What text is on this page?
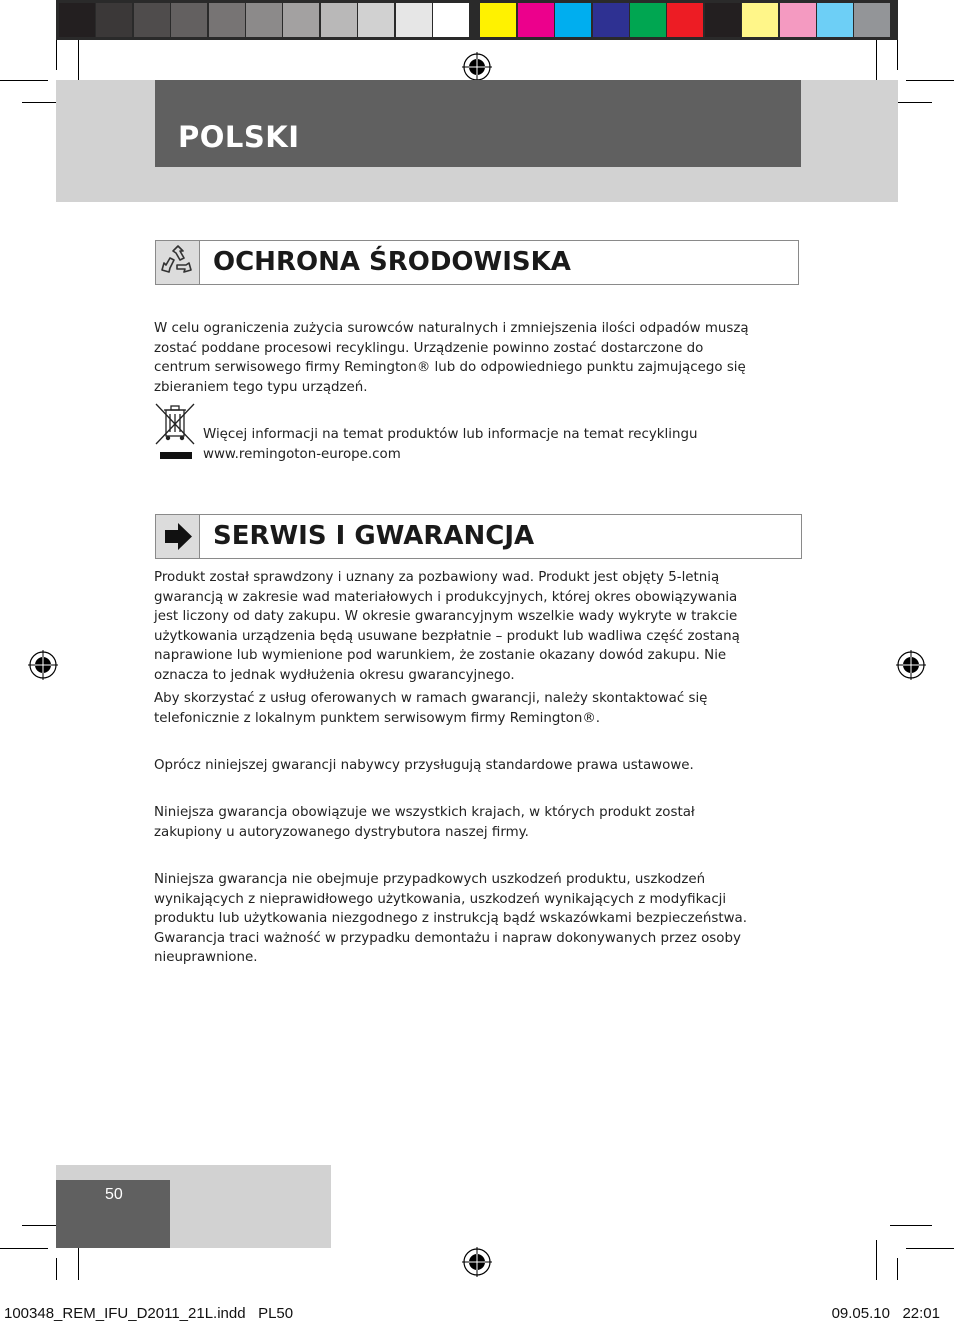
POLSKI
OCHRONA ŚRODOWISKA

W celu ograniczenia zużycia surowców naturalnych i zmniejszenia ilości odpadów muszą
zostać poddane procesowi recyklingu. Urządzenie powinno zostać dostarczone do
centrum serwisowego firmy Remington® lub do odpowiedniego punktu zajmującego się
zbieraniem tego typu urządzeń.

Więcej informacji na temat produktów lub informacje na temat recyklingu
www.remingoton-europe.com

SERWIS I GWARANCJA

Produkt został sprawdzony i uznany za pozbawiony wad. Produkt jest objęty 5-letnią
gwarancją w zakresie wad materiałowych i produkcyjnych, której okres obowiązywania
jest liczony od daty zakupu. W okresie gwarancyjnym wszelkie wady wykryte w trakcie
użytkowania urządzenia będą usuwane bezpłatnie – produkt lub wadliwa część zostaną
naprawione lub wymienione pod warunkiem, że zostanie okazany dowód zakupu. Nie
oznacza to jednak wydłużenia okresu gwarancyjnego.

Aby skorzystać z usług oferowanych w ramach gwarancji, należy skontaktować się
telefonicznie z lokalnym punktem serwisowym firmy Remington®.

Oprócz niniejszej gwarancji nabywcy przysługują standardowe prawa ustawowe.

Niniejsza gwarancja obowiązuje we wszystkich krajach, w których produkt został
zakupiony u autoryzowanego dystrybutora naszej firmy.

Niniejsza gwarancja nie obejmuje przypadkowych uszkodzeń produktu, uszkodzeń
wynikających z nieprawidłowego użytkowania, uszkodzeń wynikających z modyfikacji
produktu lub użytkowania niezgodnego z instrukcją bądź wskazówkami bezpieczeństwa.
Gwarancja traci ważność w przypadku demontażu i napraw dokonywanych przez osoby
nieuprawnione.

50
100348_REM_IFU_D2011_21L.indd   PL50	09.05.10   22:01
